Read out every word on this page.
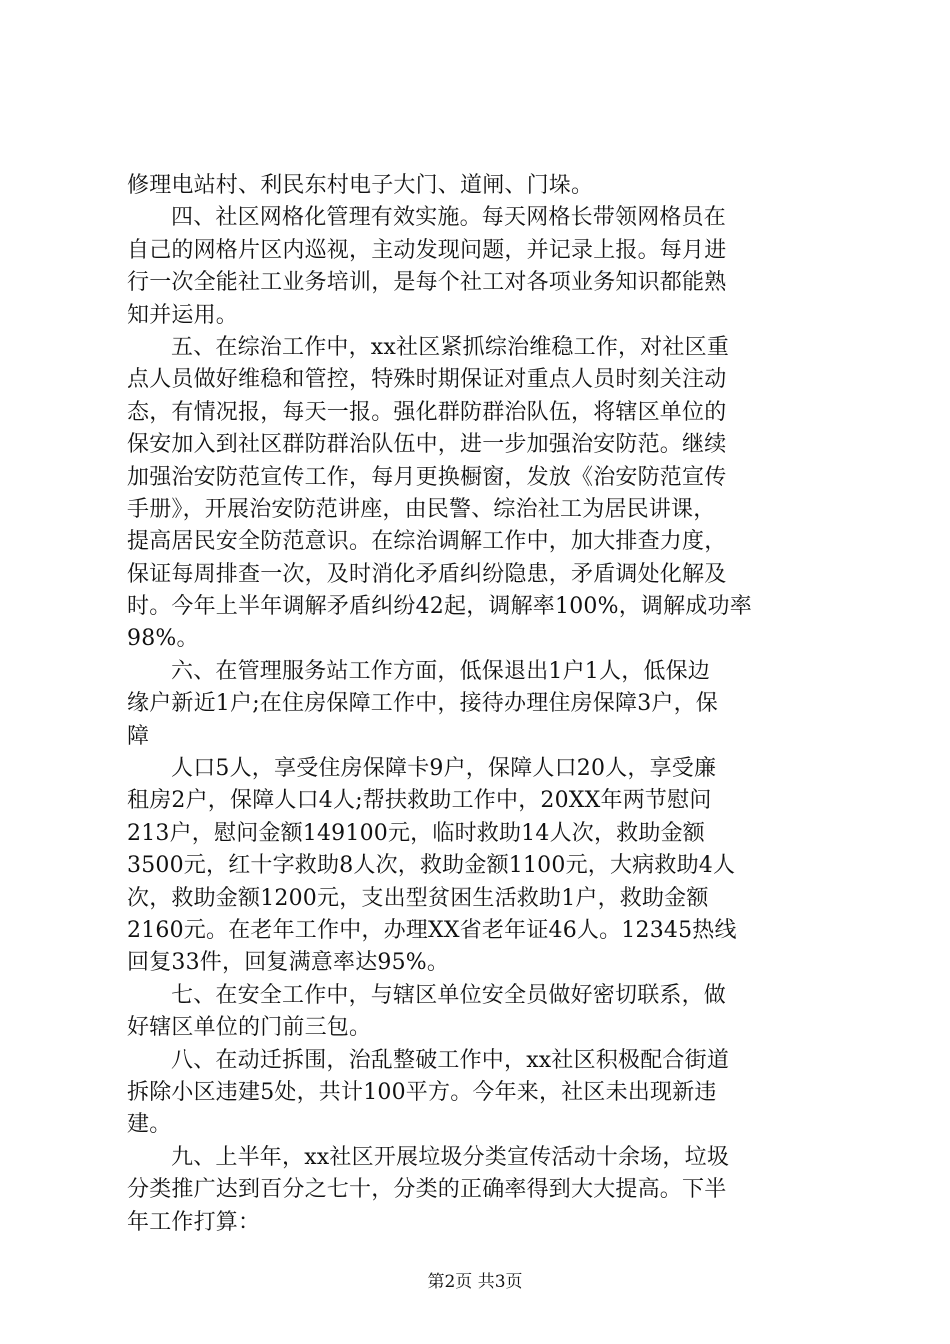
修理电站村、利民东村电子大门、道闸、门垛。
四、社区网格化管理有效实施。每天网格长带领网格员在
自己的网格片区内巡视，主动发现问题，并记录上报。每月进
行一次全能社工业务培训，是每个社工对各项业务知识都能熟
知并运用。
五、在综治工作中，xx社区紧抓综治维稳工作，对社区重
点人员做好维稳和管控，特殊时期保证对重点人员时刻关注动
态，有情况报，每天一报。强化群防群治队伍，将辖区单位的
保安加入到社区群防群治队伍中，进一步加强治安防范。继续
加强治安防范宣传工作，每月更换橱窗，发放《治安防范宣传
手册》，开展治安防范讲座，由民警、综治社工为居民讲课，
提高居民安全防范意识。在综治调解工作中，加大排查力度，
保证每周排查一次，及时消化矛盾纠纷隐患，矛盾调处化解及
时。今年上半年调解矛盾纠纷42起，调解率100%，调解成功率
98%。
六、在管理服务站工作方面，低保退出1户1人，低保边
缘户新近1户;在住房保障工作中，接待办理住房保障3户，保
障
人口5人，享受住房保障卡9户，保障人口20人，享受廉
租房2户，保障人口4人;帮扶救助工作中，20XX年两节慰问
213户，慰问金额149100元，临时救助14人次，救助金额
3500元，红十字救助8人次，救助金额1100元，大病救助4人
次，救助金额1200元，支出型贫困生活救助1户，救助金额
2160元。在老年工作中，办理XX省老年证46人。12345热线
回复33件，回复满意率达95%。
七、在安全工作中，与辖区单位安全员做好密切联系，做
好辖区单位的门前三包。
八、在动迁拆围，治乱整破工作中，xx社区积极配合街道
拆除小区违建5处，共计100平方。今年来，社区未出现新违
建。
九、上半年，xx社区开展垃圾分类宣传活动十余场，垃圾
分类推广达到百分之七十，分类的正确率得到大大提高。下半
年工作打算：
第2页 共3页
